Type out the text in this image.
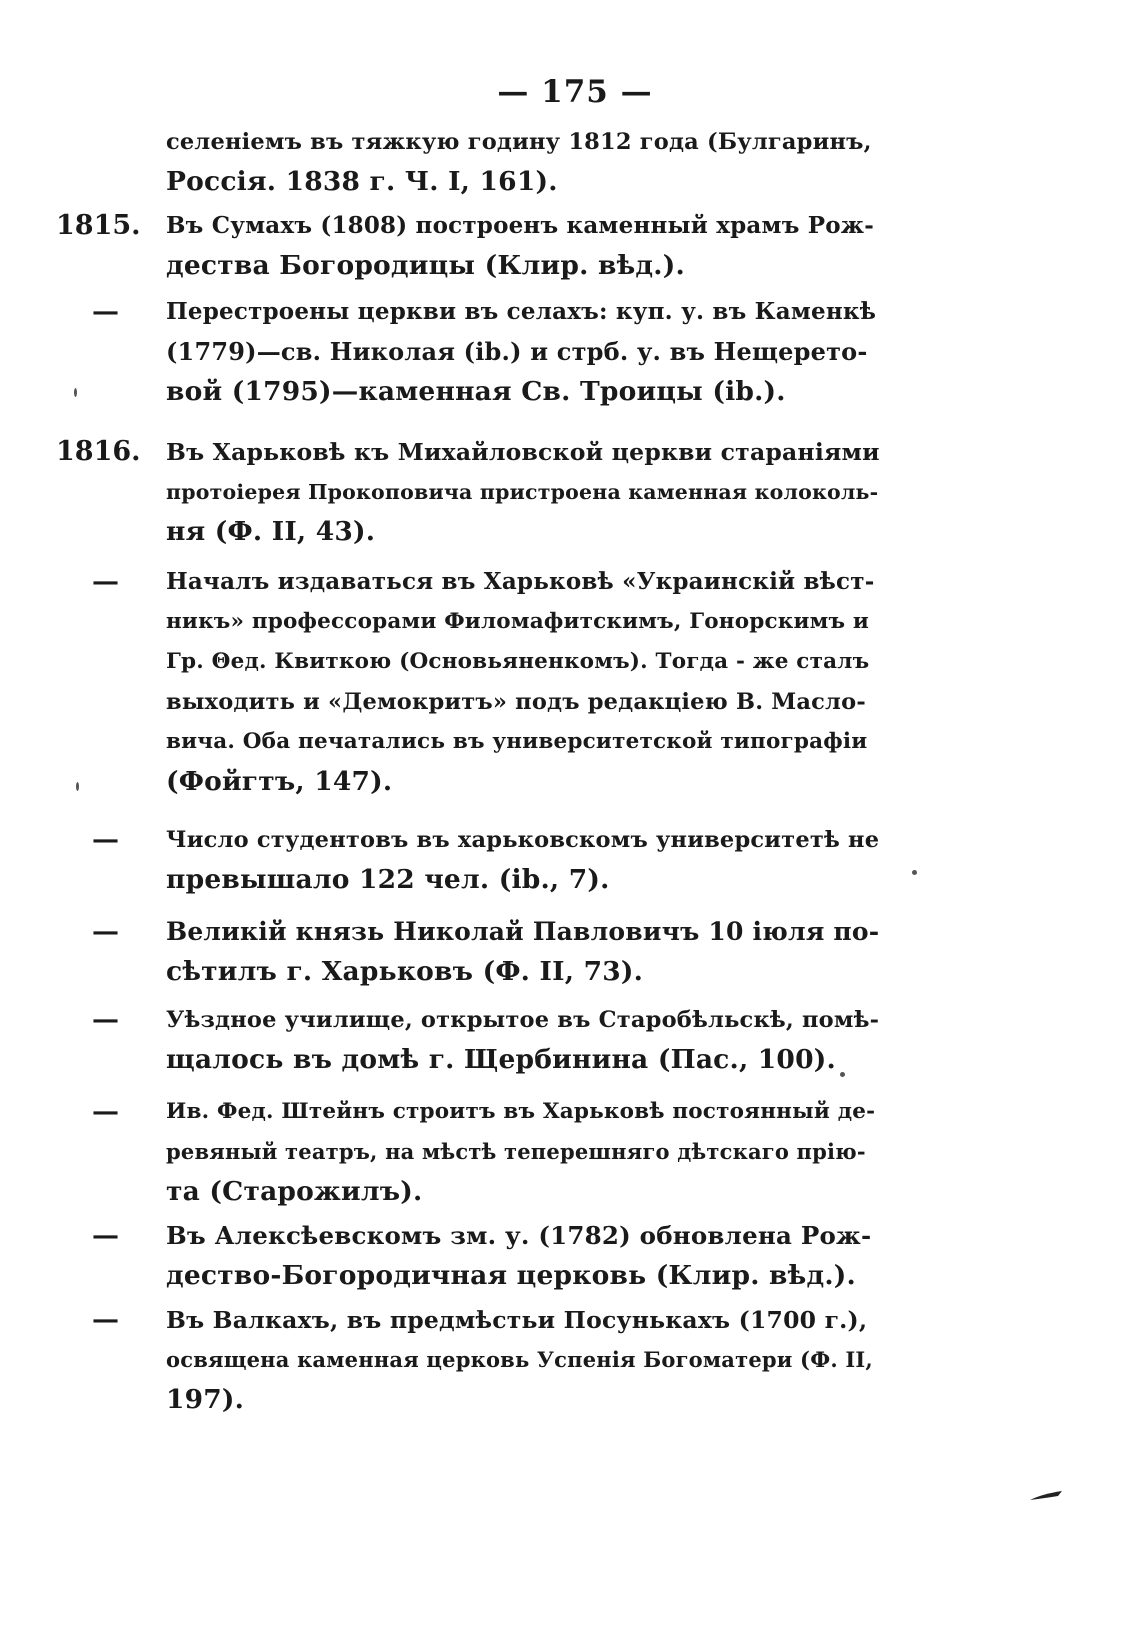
— 175 —
селеніемъ въ тяжкую годину 1812 года (Булгаринъ,
Россія. 1838 г. Ч. I, 161).
1815.	Въ Сумахъ (1808) построенъ каменный храмъ Рож-
дества Богородицы (Клир. вѣд.).
—	Перестроены церкви въ селахъ: куп. у. въ Каменкѣ
(1779)—св. Николая (ib.) и стрб. у. въ Нещерето-
вой (1795)—каменная Св. Троицы (ib.).
1816.	Въ Харьковѣ къ Михайловской церкви стараніями
протоіерея Прокоповича пристроена каменная колоколь-
ня (Ф. II, 43).
—	Началъ издаваться въ Харьковѣ «Украинскій вѣст-
никъ» профессорами Филомафитскимъ, Гонорскимъ и
Гр. Θед. Квиткою (Основьяненкомъ). Тогда - же сталъ
выходить и «Демокритъ» подъ редакціею В. Масло-
вича. Оба печатались въ университетской типографіи
(Фойгтъ, 147).
—	Число студентовъ въ харьковскомъ университетѣ не
превышало 122 чел. (ib., 7).
—	Великій князь Николай Павловичъ 10 іюля по-
сѣтилъ г. Харьковъ (Ф. II, 73).
—	Уѣздное училище, открытое въ Старобѣльскѣ, помѣ-
щалось въ домѣ г. Щербинина (Пас., 100).
—	Ив. Фед. Штейнъ строитъ въ Харьковѣ постоянный де-
ревяный театръ, на мѣстѣ теперешняго дѣтскаго прію-
та (Старожилъ).
—	Въ Алексѣевскомъ зм. у. (1782) обновлена Рож-
дество-Богородичная церковь (Клир. вѣд.).
—	Въ Валкахъ, въ предмѣстьи Посунькахъ (1700 г.),
освящена каменная церковь Успенія Богоматери (Ф. II,
197).
